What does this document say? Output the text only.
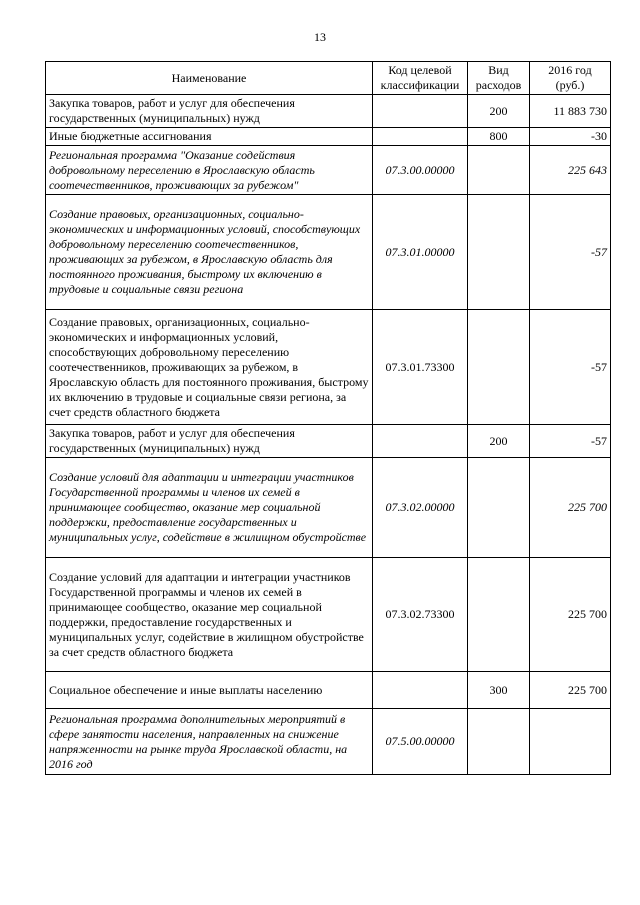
13
Наименование	Код целевой классификации	Вид расходов	2016 год (руб.)
Закупка товаров, работ и услуг для обеспечения государственных (муниципальных) нужд		200	11 883 730
Иные бюджетные ассигнования		800	-30
Региональная программа "Оказание содействия добровольному переселению в Ярославскую область соотечественников, проживающих за рубежом"	07.3.00.00000		225 643
Создание правовых, организационных, социально-экономических и информационных условий, способствующих добровольному переселению соотечественников, проживающих за рубежом, в Ярославскую область для постоянного проживания, быстрому их включению в трудовые и социальные связи региона	07.3.01.00000		-57
Создание правовых, организационных, социально-экономических и информационных условий, способствующих добровольному переселению соотечественников, проживающих за рубежом, в Ярославскую область для постоянного проживания, быстрому их включению в трудовые и социальные связи региона, за счет средств областного бюджета	07.3.01.73300		-57
Закупка товаров, работ и услуг для обеспечения государственных (муниципальных) нужд		200	-57
Создание условий для адаптации и интеграции участников Государственной программы и членов их семей в принимающее сообщество, оказание мер социальной поддержки, предоставление государственных и муниципальных услуг, содействие в жилищном обустройстве	07.3.02.00000		225 700
Создание условий для адаптации и интеграции участников Государственной программы и членов их семей в принимающее сообщество, оказание мер социальной поддержки, предоставление государственных и муниципальных услуг, содействие в жилищном обустройстве за счет средств областного бюджета	07.3.02.73300		225 700
Социальное обеспечение и иные выплаты населению		300	225 700
Региональная программа дополнительных мероприятий в сфере занятости населения, направленных на снижение напряженности на рынке труда Ярославской области, на 2016 год	07.5.00.00000		
